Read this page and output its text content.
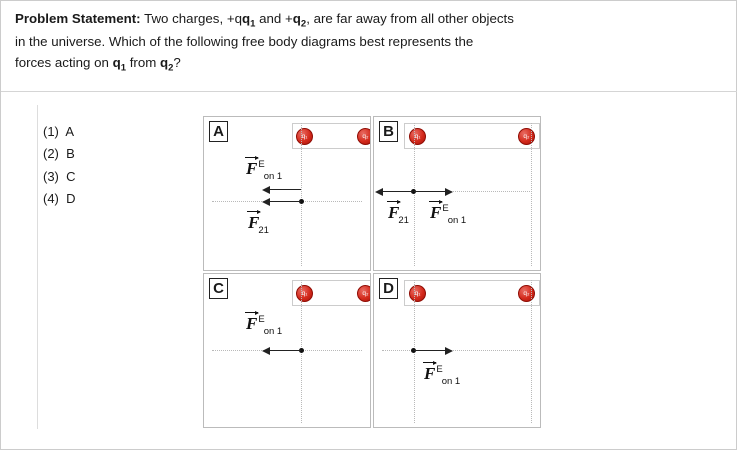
Problem Statement: Two charges, $+qq_1$ and $+q_2$, are far away from all other objects
in the universe. Which of the following free body diagrams best represents the
forces acting on $q_1$ from $q_2$?
(1) A
(2) B
(3) C
(4) D
A	q₁	q₂
F
$^E_{on 1}$
F
$_{21}$
B	q₁	q₂
F
$_{21}$ F
$^E_{on 1}$
C	q₁	q₂
F
$^E_{on 1}$
D	q₁	q₂
F
$^E_{on 1}$
